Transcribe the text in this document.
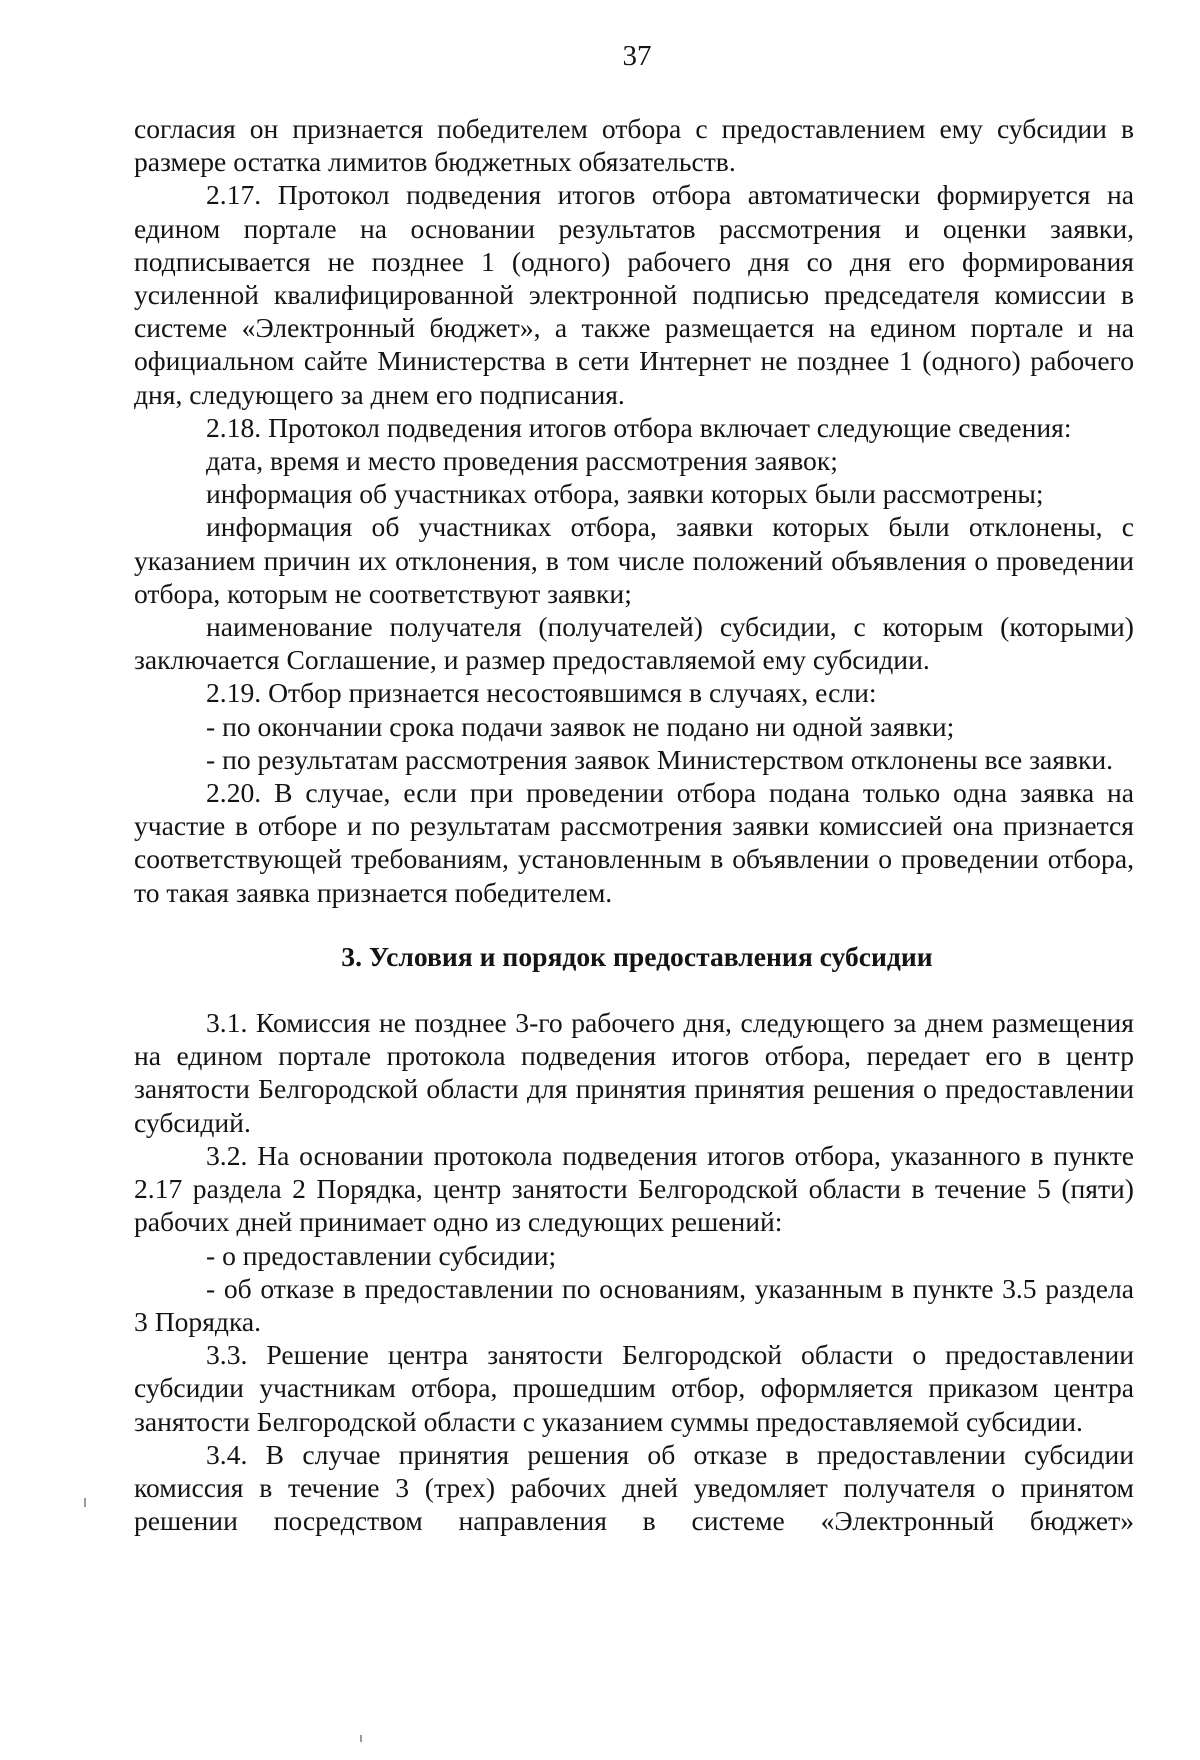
37

согласия он признается победителем отбора с предоставлением ему субсидии в размере остатка лимитов бюджетных обязательств.

2.17. Протокол подведения итогов отбора автоматически формируется на едином портале на основании результатов рассмотрения и оценки заявки, подписывается не позднее 1 (одного) рабочего дня со дня его формирования усиленной квалифицированной электронной подписью председателя комиссии в системе «Электронный бюджет», а также размещается на едином портале и на официальном сайте Министерства в сети Интернет не позднее 1 (одного) рабочего дня, следующего за днем его подписания.

2.18. Протокол подведения итогов отбора включает следующие сведения:

дата, время и место проведения рассмотрения заявок;

информация об участниках отбора, заявки которых были рассмотрены;

информация об участниках отбора, заявки которых были отклонены, с указанием причин их отклонения, в том числе положений объявления о проведении отбора, которым не соответствуют заявки;

наименование получателя (получателей) субсидии, с которым (которыми) заключается Соглашение, и размер предоставляемой ему субсидии.

2.19. Отбор признается несостоявшимся в случаях, если:

- по окончании срока подачи заявок не подано ни одной заявки;

- по результатам рассмотрения заявок Министерством отклонены все заявки.

2.20. В случае, если при проведении отбора подана только одна заявка на участие в отборе и по результатам рассмотрения заявки комиссией она признается соответствующей требованиям, установленным в объявлении о проведении отбора, то такая заявка признается победителем.

3. Условия и порядок предоставления субсидии

3.1. Комиссия не позднее 3-го рабочего дня, следующего за днем размещения на едином портале протокола подведения итогов отбора, передает его в центр занятости Белгородской области для принятия принятия решения о предоставлении субсидий.

3.2. На основании протокола подведения итогов отбора, указанного в пункте 2.17 раздела 2 Порядка, центр занятости Белгородской области в течение 5 (пяти) рабочих дней принимает одно из следующих решений:

- о предоставлении субсидии;

- об отказе в предоставлении по основаниям, указанным в пункте 3.5 раздела 3 Порядка.

3.3. Решение центра занятости Белгородской области о предоставлении субсидии участникам отбора, прошедшим отбор, оформляется приказом центра занятости Белгородской области с указанием суммы предоставляемой субсидии.

3.4. В случае принятия решения об отказе в предоставлении субсидии комиссия в течение 3 (трех) рабочих дней уведомляет получателя о принятом решении посредством направления в системе «Электронный бюджет»
